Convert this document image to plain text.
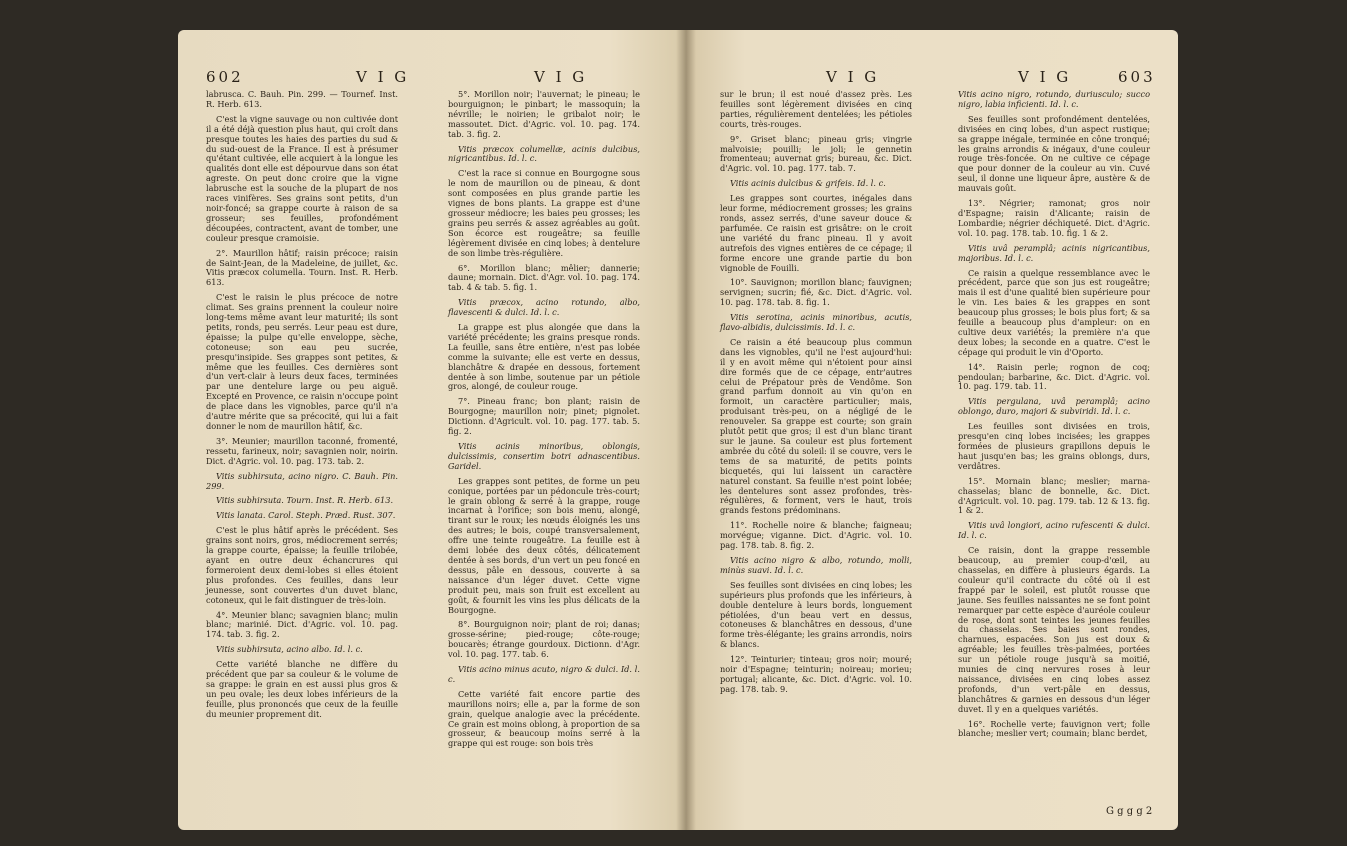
602	V I G	V I G

labrusca. C. Bauh. Pin. 299. — Tournef. Inst. R. Herb. 613.

C'est la vigne sauvage ou non cultivée dont il a été déjà question plus haut, qui croît dans presque toutes les haies des parties du sud & du sud-ouest de la France. Il est à présumer qu'étant cultivée, elle acquiert à la longue les qualités dont elle est dépourvue dans son état agreste. On peut donc croire que la vigne labrusche est la souche de la plupart de nos races vinifères. Ses grains sont petits, d'un noir-foncé; sa grappe courte à raison de sa grosseur; ses feuilles, profondément découpées, contractent, avant de tomber, une couleur presque cramoisie.

2°. Maurillon hâtif; raisin précoce; raisin de Saint-Jean, de la Madeleine, de juillet, &c. Vitis præcox columella. Tourn. Inst. R. Herb. 613.

C'est le raisin le plus précoce de notre climat. Ses grains prennent la couleur noire long-tems même avant leur maturité; ils sont petits, ronds, peu serrés. Leur peau est dure, épaisse; la pulpe qu'elle enveloppe, sèche, cotoneuse; son eau peu sucrée, presqu'insipide. Ses grappes sont petites, & même que les feuilles. Ces dernières sont d'un vert-clair à leurs deux faces, terminées par une dentelure large ou peu aiguë. Excepté en Provence, ce raisin n'occupe point de place dans les vignobles, parce qu'il n'a d'autre mérite que sa précocité, qui lui a fait donner le nom de maurillon hâtif, &c.

3°. Meunier; maurillon taconné, fromenté, ressetu, farineux, noir; savagnien noir, noirin. Dict. d'Agric. vol. 10. pag. 173. tab. 2.

Vitis subhirsuta, acino nigro. C. Bauh. Pin. 299.

Vitis subhirsuta. Tourn. Inst. R. Herb. 613.

Vitis lanata. Carol. Steph. Præd. Rust. 307.

C'est le plus hâtif après le précédent. Ses grains sont noirs, gros, médiocrement serrés; la grappe courte, épaisse; la feuille trilobée, ayant en outre deux échancrures qui formeroient deux demi-lobes si elles étoient plus profondes. Ces feuilles, dans leur jeunesse, sont couvertes d'un duvet blanc, cotoneux, qui le fait distinguer de très-loin.

4°. Meunier blanc; savagnien blanc; mulin blanc; marinié. Dict. d'Agric. vol. 10. pag. 174. tab. 3. fig. 2.

Vitis subhirsuta, acino albo. Id. l. c.

Cette variété blanche ne diffère du précédent que par sa couleur & le volume de sa grappe: le grain en est aussi plus gros & un peu ovale; les deux lobes inférieurs de la feuille, plus prononcés que ceux de la feuille du meunier proprement dit.

5°. Morillon noir; l'auvernat; le pineau; le bourguignon; le pinbart; le massoquin; la névrille; le noirien; le gribalot noir; le massoutet. Dict. d'Agric. vol. 10. pag. 174. tab. 3. fig. 2.

Vitis præcox columellæ, acinis dulcibus, nigricantibus. Id. l. c.

C'est la race si connue en Bourgogne sous le nom de maurillon ou de pineau, & dont sont composées en plus grande partie les vignes de bons plants. La grappe est d'une grosseur médiocre; les baies peu grosses; les grains peu serrés & assez agréables au goût. Son écorce est rougeâtre; sa feuille légèrement divisée en cinq lobes; à dentelure de son limbe très-régulière.

6°. Morillon blanc; mêlier; dannerie; daune; mornain. Dict. d'Agr. vol. 10. pag. 174. tab. 4 & tab. 5. fig. 1.

Vitis præcox, acino rotundo, albo, flavescenti & dulci. Id. l. c.

La grappe est plus alongée que dans la variété précédente; les grains presque ronds. La feuille, sans être entière, n'est pas lobée comme la suivante; elle est verte en dessus, blanchâtre & drapée en dessous, fortement dentée à son limbe, soutenue par un pétiole gros, alongé, de couleur rouge.

7°. Pineau franc; bon plant; raisin de Bourgogne; maurillon noir; pinet; pignolet. Dictionn. d'Agricult. vol. 10. pag. 177. tab. 5. fig. 2.

Vitis acinis minoribus, oblongis, dulcissimis, consertim botri adnascentibus. Garidel.

Les grappes sont petites, de forme un peu conique, portées par un pédoncule très-court; le grain oblong & serré à la grappe, rouge incarnat à l'orifice; son bois menu, alongé, tirant sur le roux; les nœuds éloignés les uns des autres; le bois, coupé transversalement, offre une teinte rougeâtre. La feuille est à demi lobée des deux côtés, délicatement dentée à ses bords, d'un vert un peu foncé en dessus, pâle en dessous, couverte à sa naissance d'un léger duvet. Cette vigne produit peu, mais son fruit est excellent au goût, & fournit les vins les plus délicats de la Bourgogne.

8°. Bourguignon noir; plant de roi; danas; grosse-sérine; pied-rouge; côte-rouge; boucarès; étrange gourdoux. Dictionn. d'Agr. vol. 10. pag. 177. tab. 6.

Vitis acino minus acuto, nigro & dulci. Id. l. c.

Cette variété fait encore partie des maurillons noirs; elle a, par la forme de son grain, quelque analogie avec la précédente. Ce grain est moins oblong, à proportion de sa grosseur, & beaucoup moins serré à la grappe qui est rouge: son bois très

V I G	V I G	603

sur le brun; il est noué d'assez près. Les feuilles sont légèrement divisées en cinq parties, régulièrement dentelées; les pétioles courts, très-rouges.

9°. Griset blanc; pineau gris; vingrie malvoisie; pouilli; le joli; le gennetin fromenteau; auvernat gris; bureau, &c. Dict. d'Agric. vol. 10. pag. 177. tab. 7.

Vitis acinis dulcibus & grifeis. Id. l. c.

Les grappes sont courtes, inégales dans leur forme, médiocrement grosses; les grains ronds, assez serrés, d'une saveur douce & parfumée. Ce raisin est grisâtre: on le croit une variété du franc pineau. Il y avoit autrefois des vignes entières de ce cépage; il forme encore une grande partie du bon vignoble de Fouilli.

10°. Sauvignon; morillon blanc; fauvignen; servignen; sucrin; fié, &c. Dict. d'Agric. vol. 10. pag. 178. tab. 8. fig. 1.

Vitis serotina, acinis minoribus, acutis, flavo-albidis, dulcissimis. Id. l. c.

Ce raisin a été beaucoup plus commun dans les vignobles, qu'il ne l'est aujourd'hui: il y en avoit même qui n'étoient pour ainsi dire formés que de ce cépage, entr'autres celui de Prépatour près de Vendôme. Son grand parfum donnoit au vin qu'on en formoit, un caractère particulier; mais, produisant très-peu, on a négligé de le renouveler. Sa grappe est courte; son grain plutôt petit que gros; il est d'un blanc tirant sur le jaune. Sa couleur est plus fortement ambrée du côté du soleil: il se couvre, vers le tems de sa maturité, de petits points bicquetés, qui lui laissent un caractère naturel constant. Sa feuille n'est point lobée; les dentelures sont assez profondes, très-régulières, & forment, vers le haut, trois grands festons prédominans.

11°. Rochelle noire & blanche; faigneau; morvégue; viganne. Dict. d'Agric. vol. 10. pag. 178. tab. 8. fig. 2.

Vitis acino nigro & albo, rotundo, molli, minùs suavi. Id. l. c.

Ses feuilles sont divisées en cinq lobes; les supérieurs plus profonds que les inférieurs, à double dentelure à leurs bords, longuement pétiolées, d'un beau vert en dessus, cotoneuses & blanchâtres en dessous, d'une forme très-élégante; les grains arrondis, noirs & blancs.

12°. Teinturier; tinteau; gros noir; mouré; noir d'Espagne; teinturin; noireau; morieu; portugal; alicante, &c. Dict. d'Agric. vol. 10. pag. 178. tab. 9.

Vitis acino nigro, rotundo, duriusculo; succo nigro, labia inficienti. Id. l. c.

Ses feuilles sont profondément dentelées, divisées en cinq lobes, d'un aspect rustique; sa grappe inégale, terminée en cône tronqué; les grains arrondis & inégaux, d'une couleur rouge très-foncée. On ne cultive ce cépage que pour donner de la couleur au vin. Cuvé seul, il donne une liqueur âpre, austère & de mauvais goût.

13°. Négrier; ramonat; gros noir d'Espagne; raisin d'Alicante; raisin de Lombardie; négrier déchiqueté. Dict. d'Agric. vol. 10. pag. 178. tab. 10. fig. 1 & 2.

Vitis uvâ peramplâ; acinis nigricantibus, majoribus. Id. l. c.

Ce raisin a quelque ressemblance avec le précédent, parce que son jus est rougeâtre; mais il est d'une qualité bien supérieure pour le vin. Les baies & les grappes en sont beaucoup plus grosses; le bois plus fort; & sa feuille a beaucoup plus d'ampleur: on en cultive deux variétés; la première n'a que deux lobes; la seconde en a quatre. C'est le cépage qui produit le vin d'Oporto.

14°. Raisin perle; rognon de coq; pendoulan; barbarine, &c. Dict. d'Agric. vol. 10. pag. 179. tab. 11.

Vitis pergulana, uvâ peramplâ; acino oblongo, duro, majori & subviridi. Id. l. c.

Les feuilles sont divisées en trois, presqu'en cinq lobes incisées; les grappes formées de plusieurs grapillons depuis le haut jusqu'en bas; les grains oblongs, durs, verdâtres.

15°. Mornain blanc; meslier; marna-chasselas; blanc de bonnelle, &c. Dict. d'Agricult. vol. 10. pag. 179. tab. 12 & 13. fig. 1 & 2.

Vitis uvâ longiori, acino rufescenti & dulci. Id. l. c.

Ce raisin, dont la grappe ressemble beaucoup, au premier coup-d'œil, au chasselas, en diffère à plusieurs égards. La couleur qu'il contracte du côté où il est frappé par le soleil, est plutôt rousse que jaune. Ses feuilles naissantes ne se font point remarquer par cette espèce d'auréole couleur de rose, dont sont teintes les jeunes feuilles du chasselas. Ses baies sont rondes, charnues, espacées. Son jus est doux & agréable; les feuilles très-palmées, portées sur un pétiole rouge jusqu'à sa moitié, munies de cinq nervures roses à leur naissance, divisées en cinq lobes assez profonds, d'un vert-pâle en dessus, blanchâtres & garnies en dessous d'un léger duvet. Il y en a quelques variétés.

16°. Rochelle verte; fauvignon vert; folle blanche; meslier vert; coumain; blanc berdet,

G g g g 2
